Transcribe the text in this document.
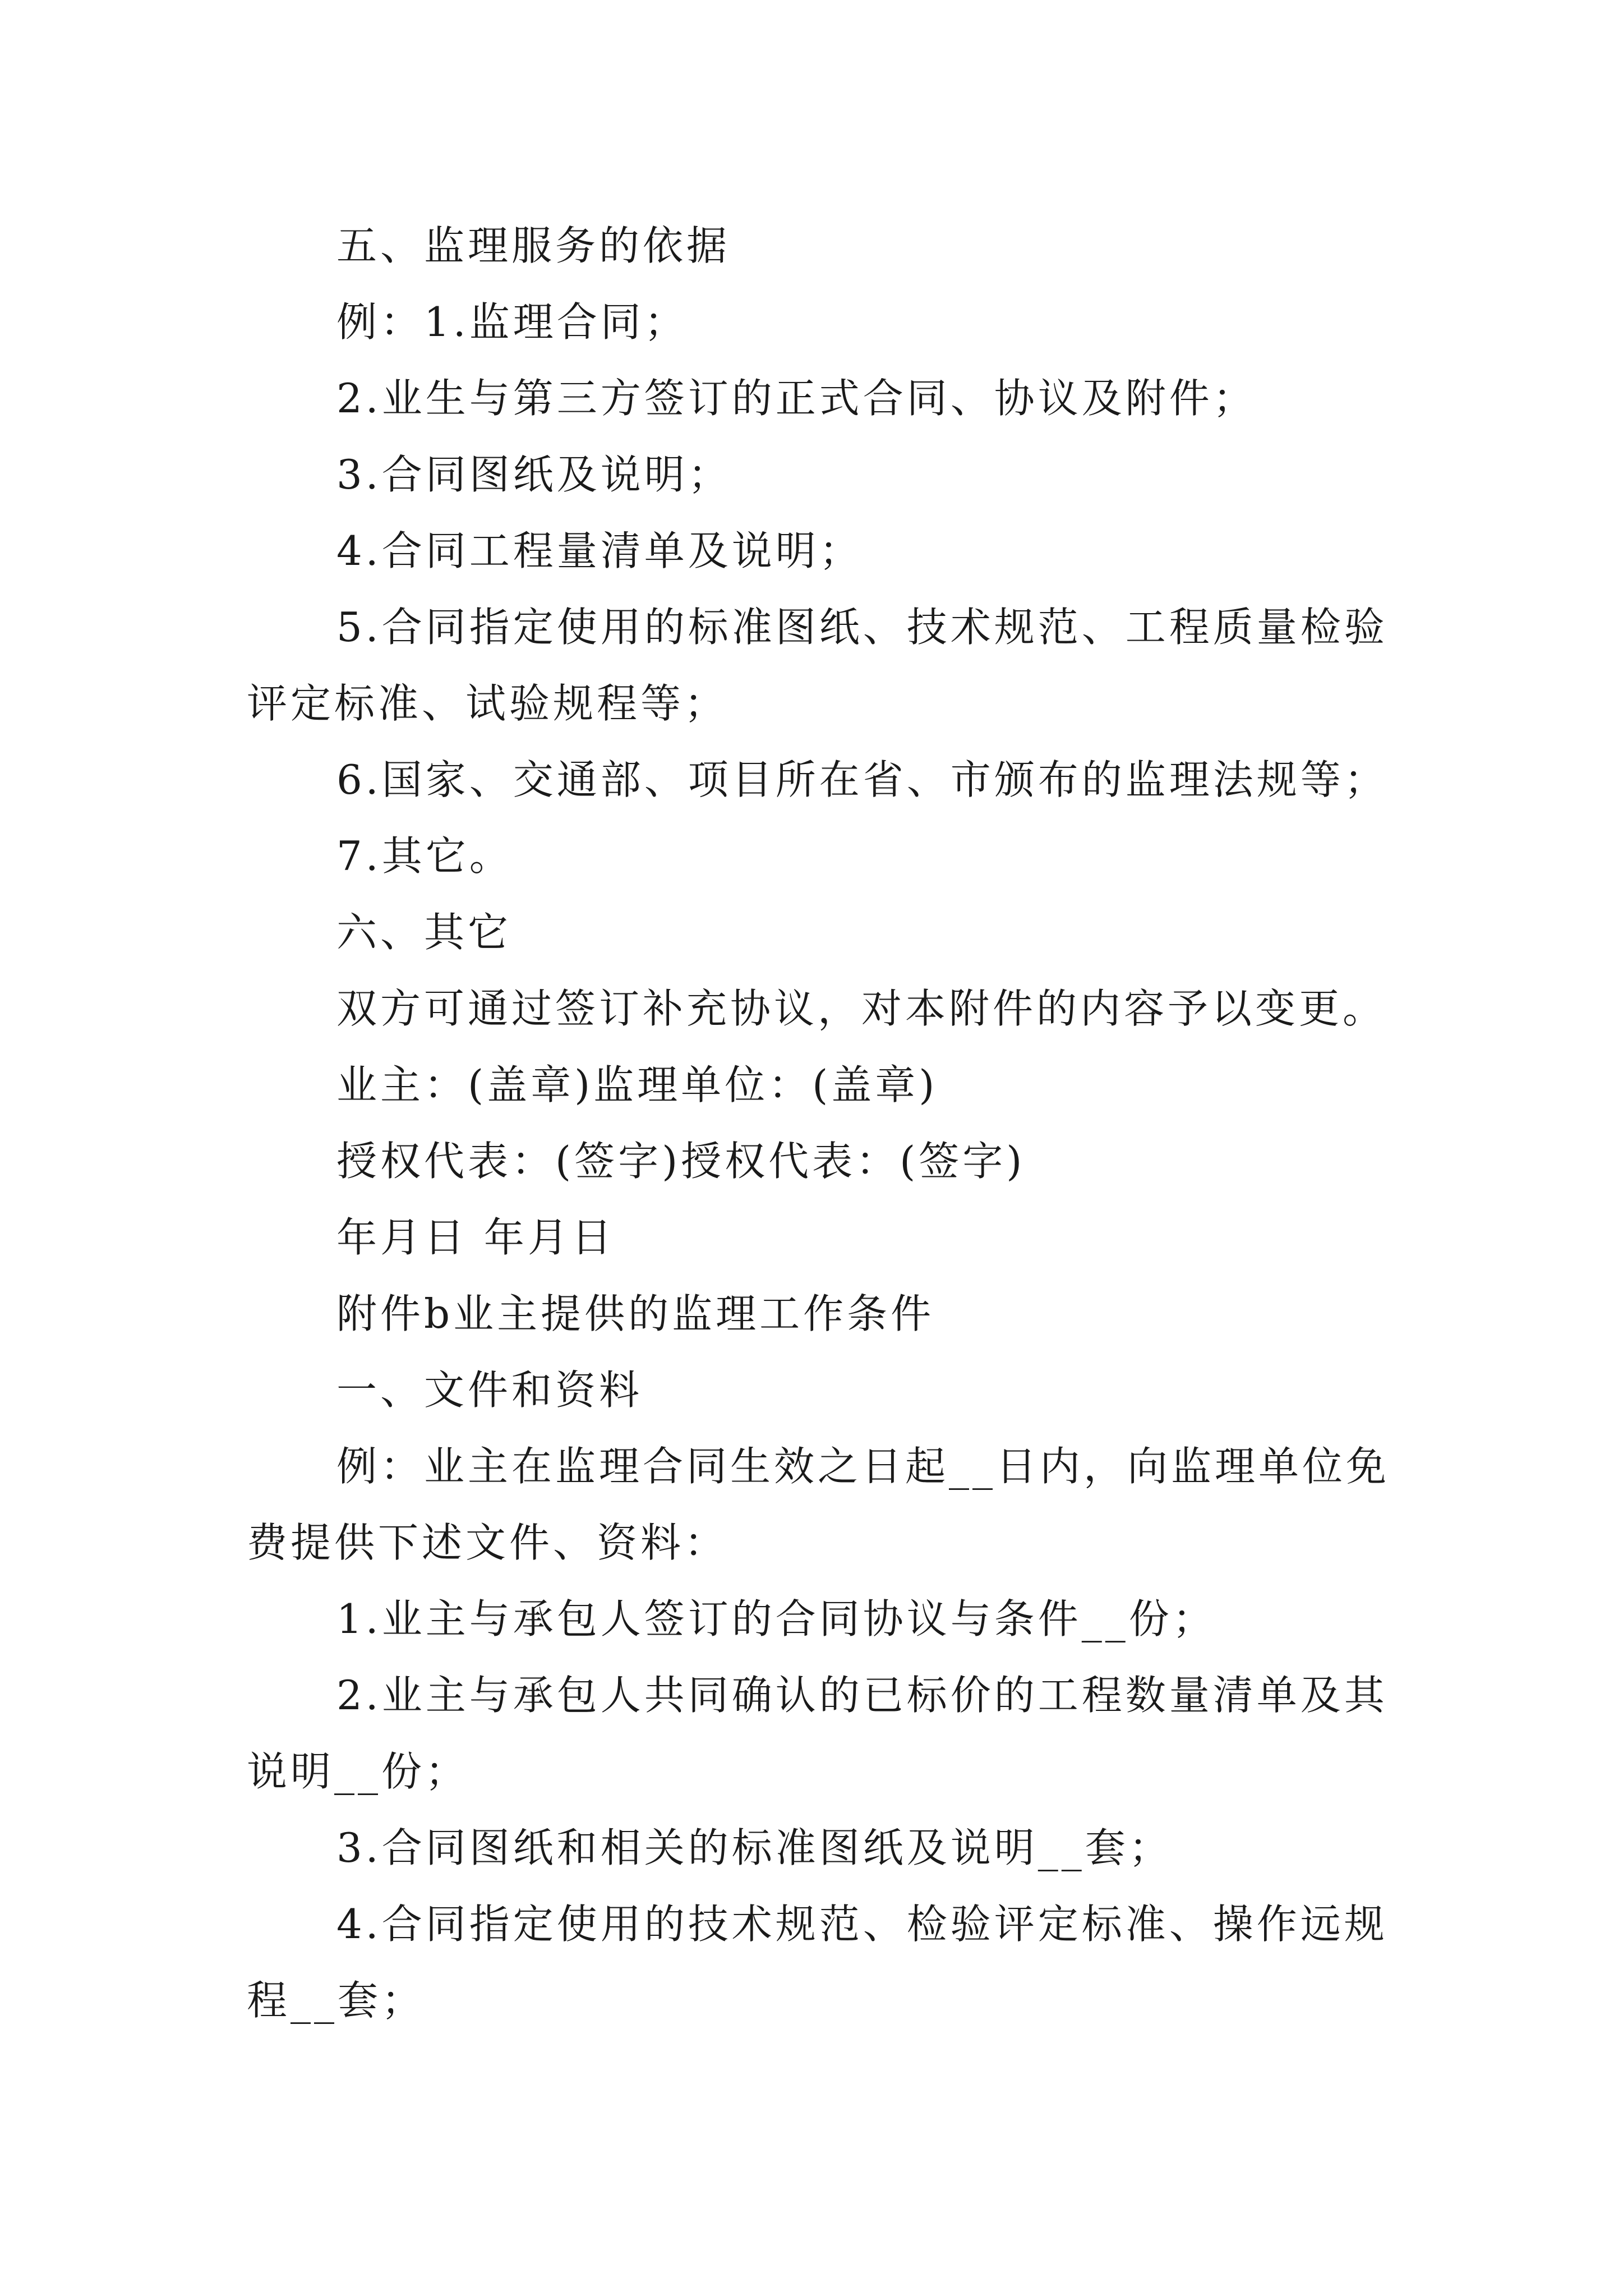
五、监理服务的依据

例：1.监理合同；

2.业生与第三方签订的正式合同、协议及附件；

3.合同图纸及说明；

4.合同工程量清单及说明；

5.合同指定使用的标准图纸、技术规范、工程质量检验评定标准、试验规程等；

6.国家、交通部、项目所在省、市颁布的监理法规等；

7.其它。

六、其它

双方可通过签订补充协议，对本附件的内容予以变更。

业主：(盖章)监理单位：(盖章)

授权代表：(签字)授权代表：(签字)

年月日 年月日

附件b业主提供的监理工作条件

一、文件和资料

例：业主在监理合同生效之日起__日内，向监理单位免费提供下述文件、资料：

1.业主与承包人签订的合同协议与条件__份；

2.业主与承包人共同确认的已标价的工程数量清单及其说明__份；

3.合同图纸和相关的标准图纸及说明__套；

4.合同指定使用的技术规范、检验评定标准、操作远规程__套；
